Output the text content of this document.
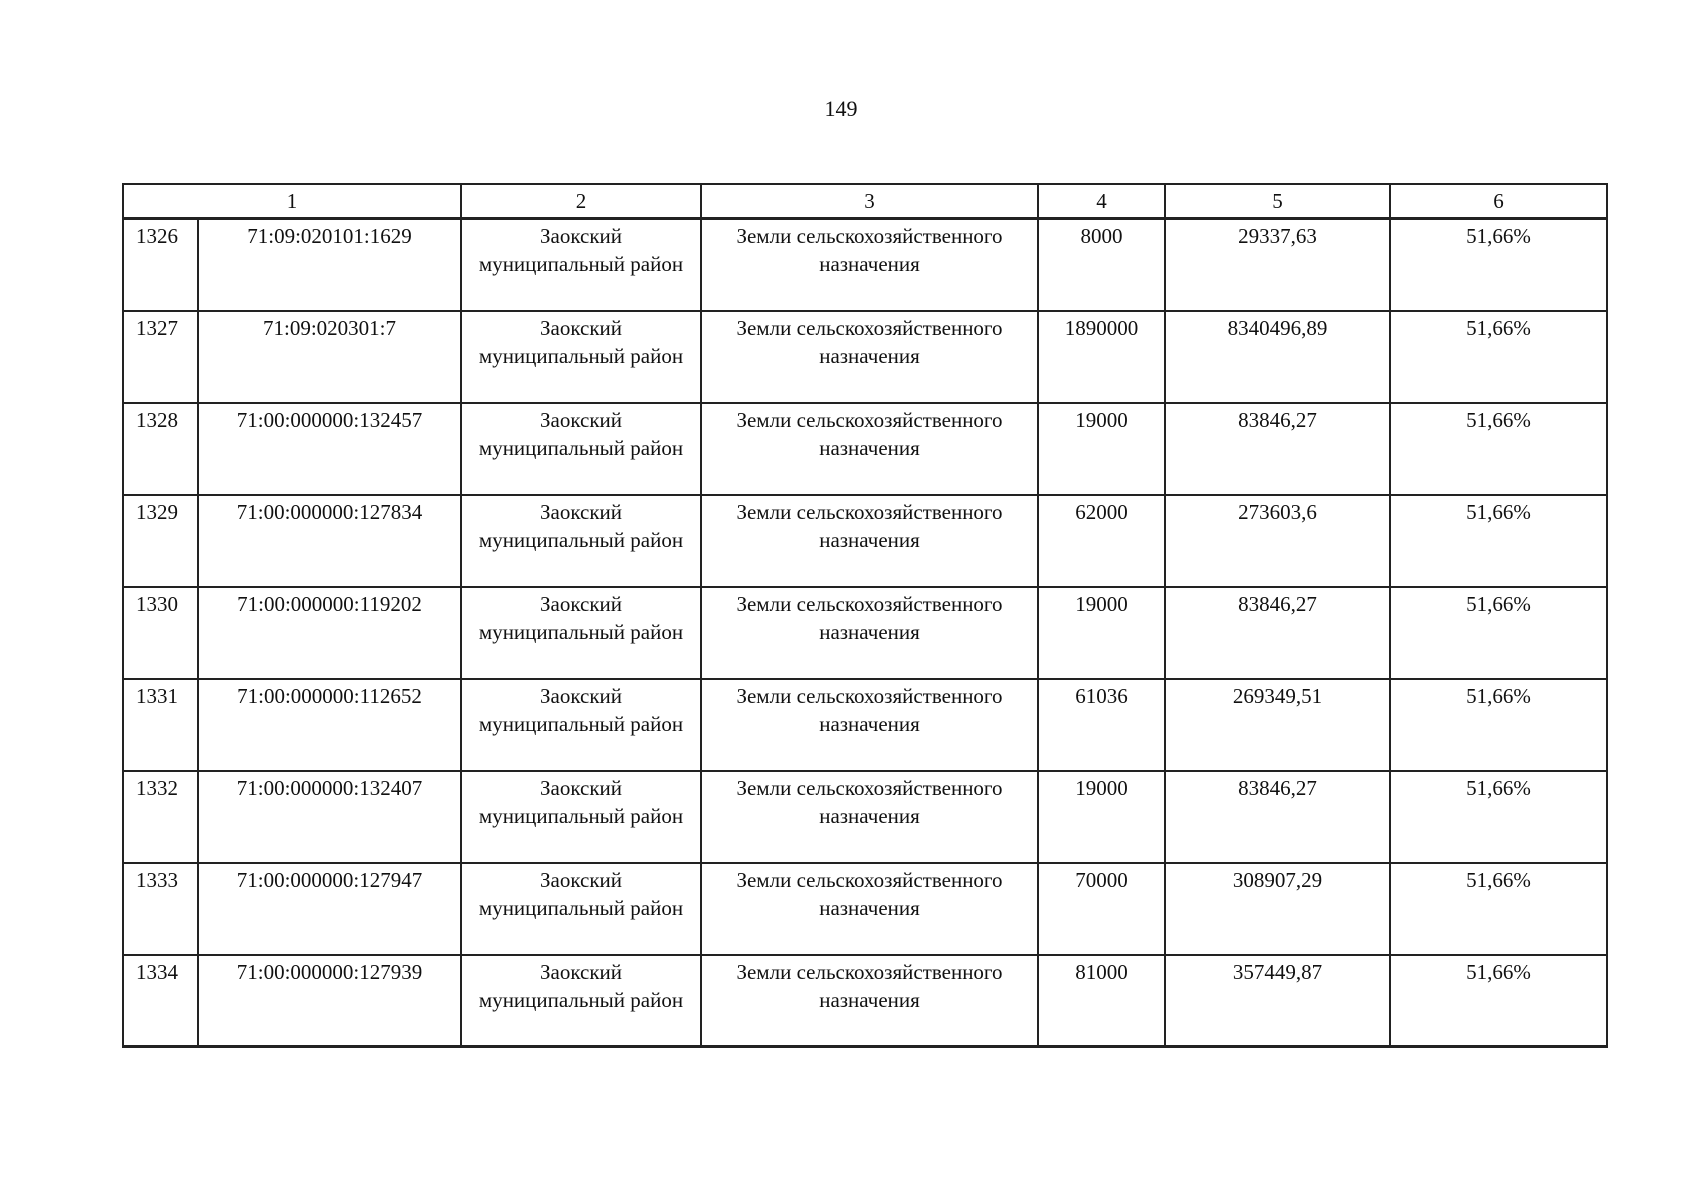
149
1		2	3	4	5	6
1326	71:09:020101:1629	Заокский муниципальный район	Земли сельскохозяйственного назначения	8000	29337,63	51,66%
1327	71:09:020301:7	Заокский муниципальный район	Земли сельскохозяйственного назначения	1890000	8340496,89	51,66%
1328	71:00:000000:132457	Заокский муниципальный район	Земли сельскохозяйственного назначения	19000	83846,27	51,66%
1329	71:00:000000:127834	Заокский муниципальный район	Земли сельскохозяйственного назначения	62000	273603,6	51,66%
1330	71:00:000000:119202	Заокский муниципальный район	Земли сельскохозяйственного назначения	19000	83846,27	51,66%
1331	71:00:000000:112652	Заокский муниципальный район	Земли сельскохозяйственного назначения	61036	269349,51	51,66%
1332	71:00:000000:132407	Заокский муниципальный район	Земли сельскохозяйственного назначения	19000	83846,27	51,66%
1333	71:00:000000:127947	Заокский муниципальный район	Земли сельскохозяйственного назначения	70000	308907,29	51,66%
1334	71:00:000000:127939	Заокский муниципальный район	Земли сельскохозяйственного назначения	81000	357449,87	51,66%
